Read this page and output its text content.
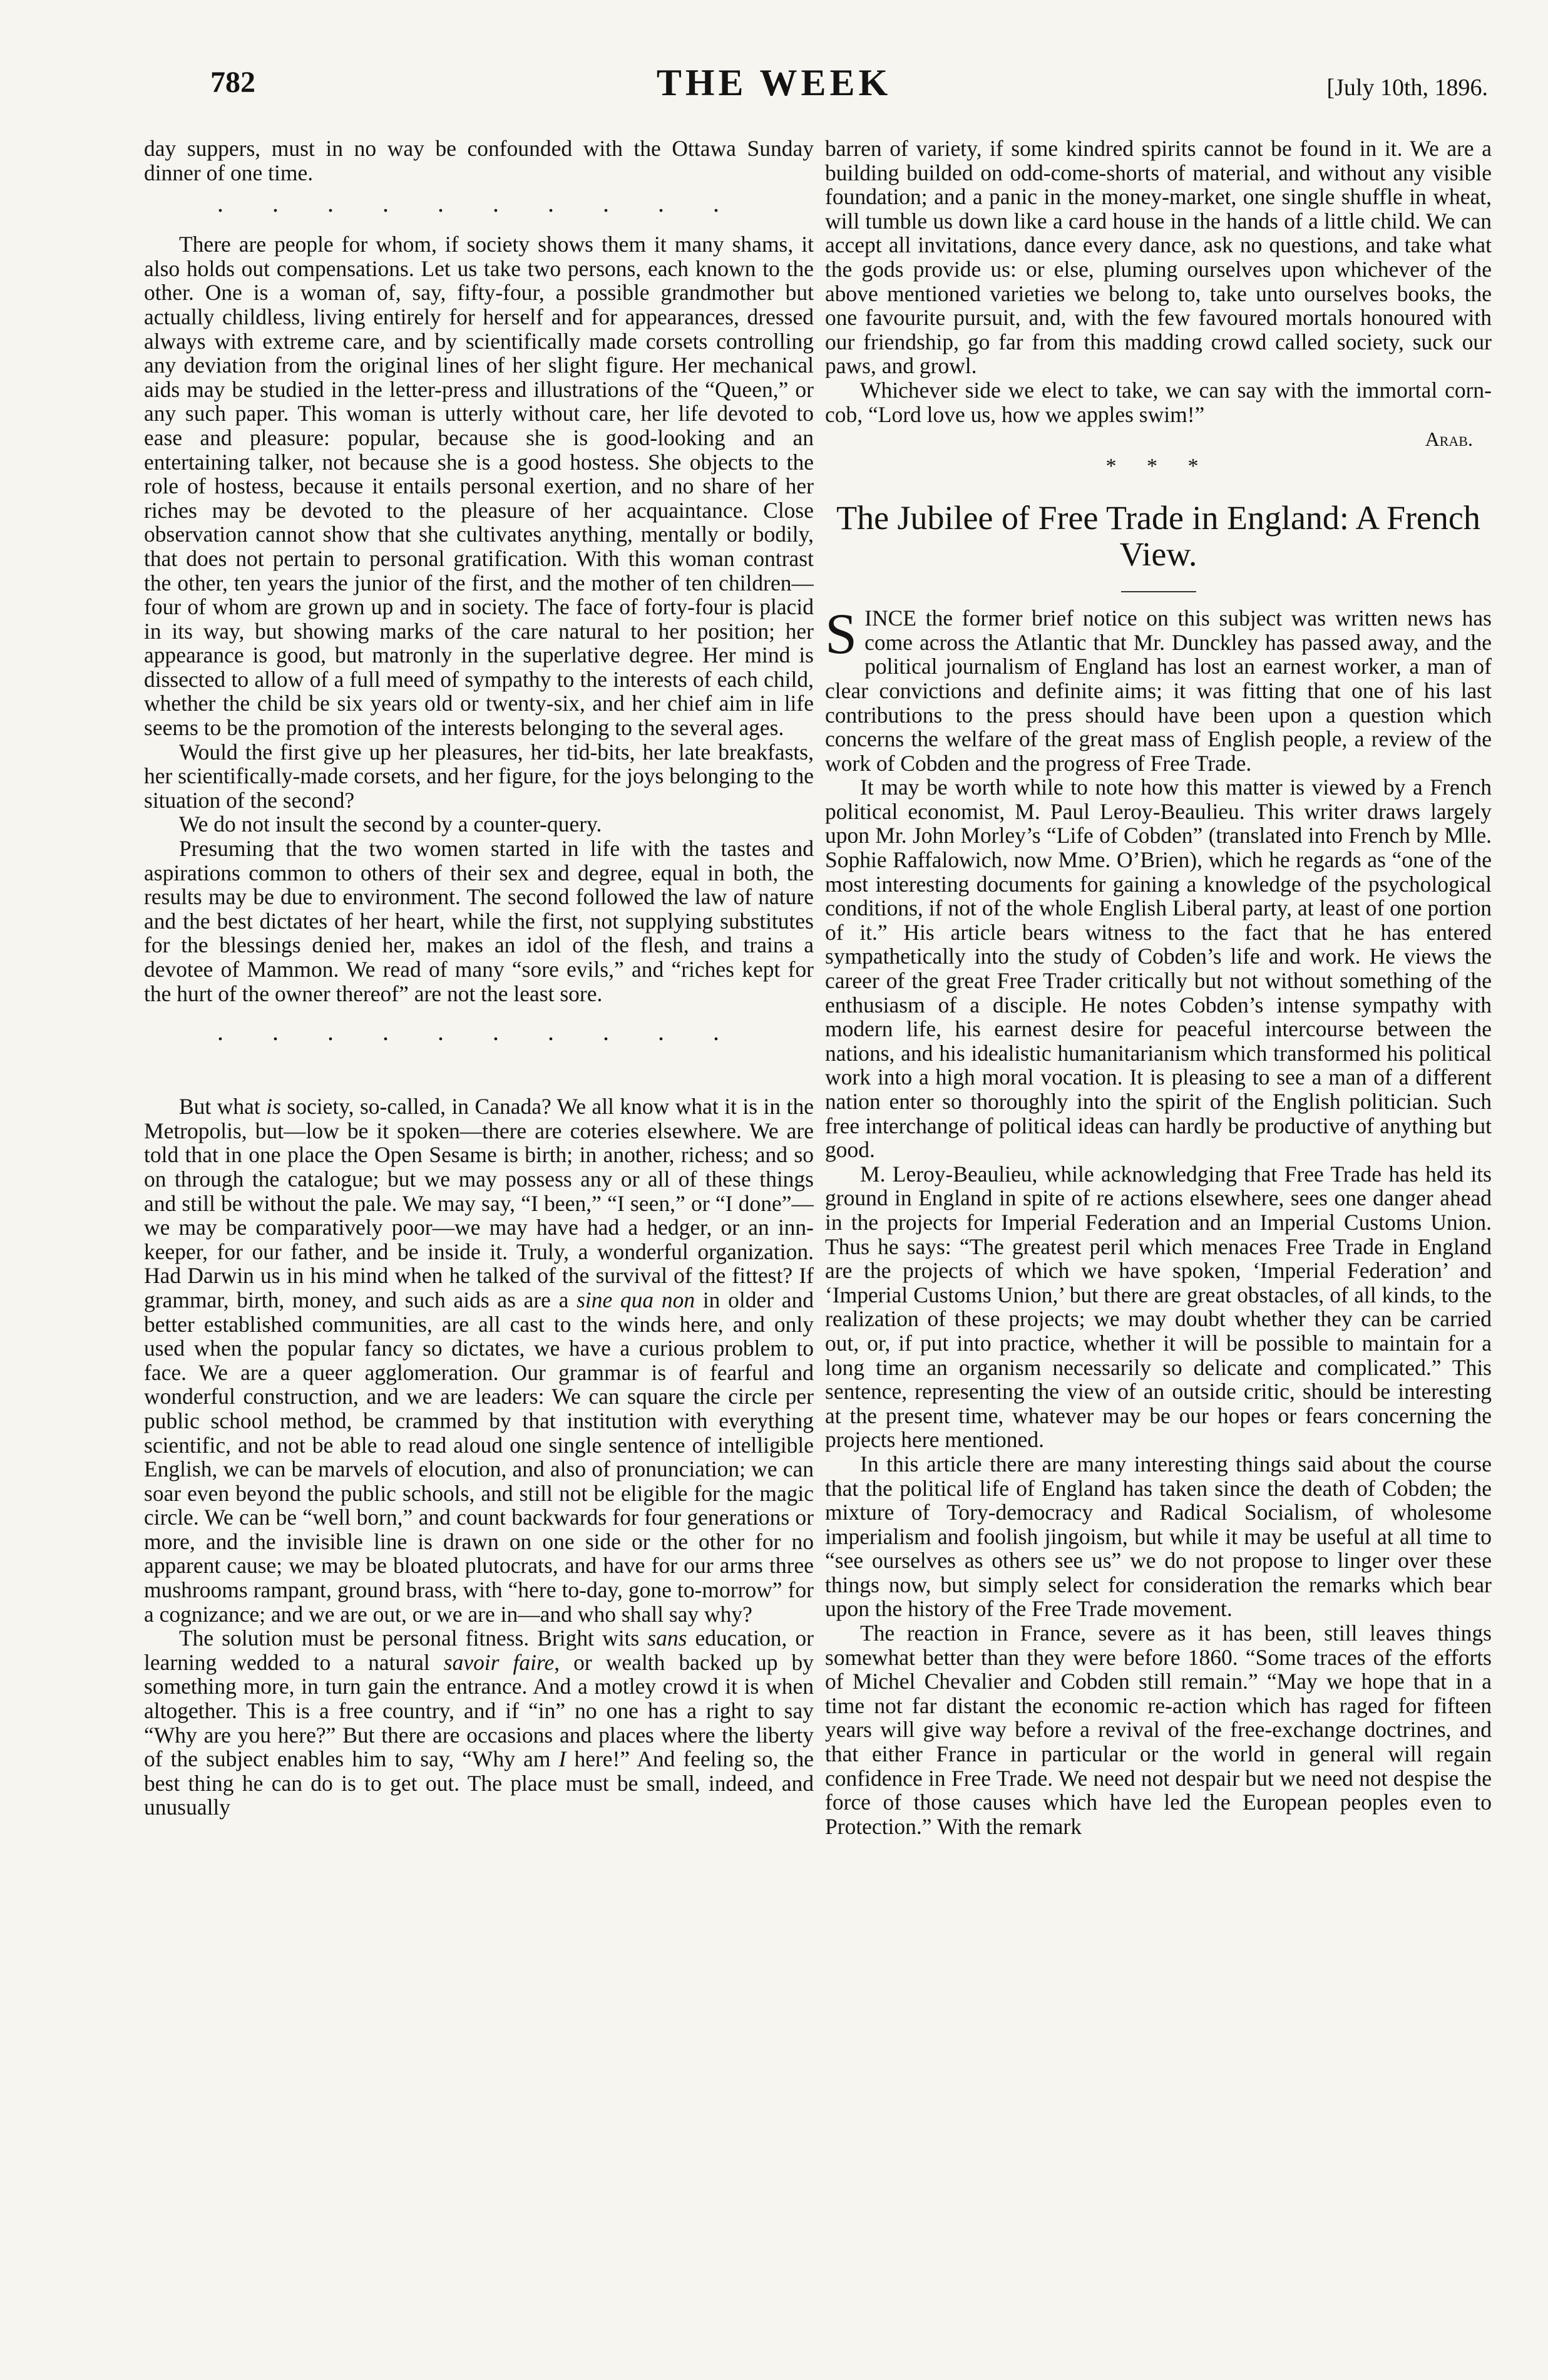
782	THE WEEK	[July 10th, 1896.

day suppers, must in no way be confounded with the Ottawa Sunday dinner of one time.

. . . . . . . . . .

There are people for whom, if society shows them it many shams, it also holds out compensations. Let us take two persons, each known to the other. One is a woman of, say, fifty-four, a possible grandmother but actually childless, living entirely for herself and for appearances, dressed always with extreme care, and by scientifically made corsets controlling any deviation from the original lines of her slight figure. Her mechanical aids may be studied in the letter-press and illustrations of the “Queen,” or any such paper. This woman is utterly without care, her life devoted to ease and pleasure: popular, because she is good-looking and an entertaining talker, not because she is a good hostess. She objects to the role of hostess, because it entails personal exertion, and no share of her riches may be devoted to the pleasure of her acquaintance. Close observation cannot show that she cultivates anything, mentally or bodily, that does not pertain to personal gratification. With this woman contrast the other, ten years the junior of the first, and the mother of ten children—four of whom are grown up and in society. The face of forty-four is placid in its way, but showing marks of the care natural to her position; her appearance is good, but matronly in the superlative degree. Her mind is dissected to allow of a full meed of sympathy to the interests of each child, whether the child be six years old or twenty-six, and her chief aim in life seems to be the promotion of the interests belonging to the several ages.

Would the first give up her pleasures, her tid-bits, her late breakfasts, her scientifically-made corsets, and her figure, for the joys belonging to the situation of the second?

We do not insult the second by a counter-query.

Presuming that the two women started in life with the tastes and aspirations common to others of their sex and degree, equal in both, the results may be due to environment. The second followed the law of nature and the best dictates of her heart, while the first, not supplying substitutes for the blessings denied her, makes an idol of the flesh, and trains a devotee of Mammon. We read of many “sore evils,” and “riches kept for the hurt of the owner thereof” are not the least sore.

. . . . . . . . . .

But what is society, so-called, in Canada? We all know what it is in the Metropolis, but—low be it spoken—there are coteries elsewhere. We are told that in one place the Open Sesame is birth; in another, richess; and so on through the catalogue; but we may possess any or all of these things and still be without the pale. We may say, “I been,” “I seen,” or “I done”—we may be comparatively poor—we may have had a hedger, or an inn-keeper, for our father, and be inside it. Truly, a wonderful organization. Had Darwin us in his mind when he talked of the survival of the fittest? If grammar, birth, money, and such aids as are a sine qua non in older and better established communities, are all cast to the winds here, and only used when the popular fancy so dictates, we have a curious problem to face. We are a queer agglomeration. Our grammar is of fearful and wonderful construction, and we are leaders: We can square the circle per public school method, be crammed by that institution with everything scientific, and not be able to read aloud one single sentence of intelligible English, we can be marvels of elocution, and also of pronunciation; we can soar even beyond the public schools, and still not be eligible for the magic circle. We can be “well born,” and count backwards for four generations or more, and the invisible line is drawn on one side or the other for no apparent cause; we may be bloated plutocrats, and have for our arms three mushrooms rampant, ground brass, with “here to-day, gone to-morrow” for a cognizance; and we are out, or we are in—and who shall say why?

The solution must be personal fitness. Bright wits sans education, or learning wedded to a natural savoir faire, or wealth backed up by something more, in turn gain the entrance. And a motley crowd it is when altogether. This is a free country, and if “in” no one has a right to say “Why are you here?” But there are occasions and places where the liberty of the subject enables him to say, “Why am I here!” And feeling so, the best thing he can do is to get out. The place must be small, indeed, and unusually

barren of variety, if some kindred spirits cannot be found in it. We are a building builded on odd-come-shorts of material, and without any visible foundation; and a panic in the money-market, one single shuffle in wheat, will tumble us down like a card house in the hands of a little child. We can accept all invitations, dance every dance, ask no questions, and take what the gods provide us: or else, pluming ourselves upon whichever of the above mentioned varieties we belong to, take unto ourselves books, the one favourite pursuit, and, with the few favoured mortals honoured with our friendship, go far from this madding crowd called society, suck our paws, and growl.

Whichever side we elect to take, we can say with the immortal corn-cob, “Lord love us, how we apples swim!”

Arab.
* * *
The Jubilee of Free Trade in England: A French View.

SINCE the former brief notice on this subject was written news has come across the Atlantic that Mr. Dunckley has passed away, and the political journalism of England has lost an earnest worker, a man of clear convictions and definite aims; it was fitting that one of his last contributions to the press should have been upon a question which concerns the welfare of the great mass of English people, a review of the work of Cobden and the progress of Free Trade.

It may be worth while to note how this matter is viewed by a French political economist, M. Paul Leroy-Beaulieu. This writer draws largely upon Mr. John Morley’s “Life of Cobden” (translated into French by Mlle. Sophie Raffalowich, now Mme. O’Brien), which he regards as “one of the most interesting documents for gaining a knowledge of the psychological conditions, if not of the whole English Liberal party, at least of one portion of it.” His article bears witness to the fact that he has entered sympathetically into the study of Cobden’s life and work. He views the career of the great Free Trader critically but not without something of the enthusiasm of a disciple. He notes Cobden’s intense sympathy with modern life, his earnest desire for peaceful intercourse between the nations, and his idealistic humanitarianism which transformed his political work into a high moral vocation. It is pleasing to see a man of a different nation enter so thoroughly into the spirit of the English politician. Such free interchange of political ideas can hardly be productive of anything but good.

M. Leroy-Beaulieu, while acknowledging that Free Trade has held its ground in England in spite of re actions elsewhere, sees one danger ahead in the projects for Imperial Federation and an Imperial Customs Union. Thus he says: “The greatest peril which menaces Free Trade in England are the projects of which we have spoken, ‘Imperial Federation’ and ‘Imperial Customs Union,’ but there are great obstacles, of all kinds, to the realization of these projects; we may doubt whether they can be carried out, or, if put into practice, whether it will be possible to maintain for a long time an organism necessarily so delicate and complicated.” This sentence, representing the view of an outside critic, should be interesting at the present time, whatever may be our hopes or fears concerning the projects here mentioned.

In this article there are many interesting things said about the course that the political life of England has taken since the death of Cobden; the mixture of Tory-democracy and Radical Socialism, of wholesome imperialism and foolish jingoism, but while it may be useful at all time to “see ourselves as others see us” we do not propose to linger over these things now, but simply select for consideration the remarks which bear upon the history of the Free Trade movement.

The reaction in France, severe as it has been, still leaves things somewhat better than they were before 1860. “Some traces of the efforts of Michel Chevalier and Cobden still remain.” “May we hope that in a time not far distant the economic re-action which has raged for fifteen years will give way before a revival of the free-exchange doctrines, and that either France in particular or the world in general will regain confidence in Free Trade. We need not despair but we need not despise the force of those causes which have led the European peoples even to Protection.” With the remark
